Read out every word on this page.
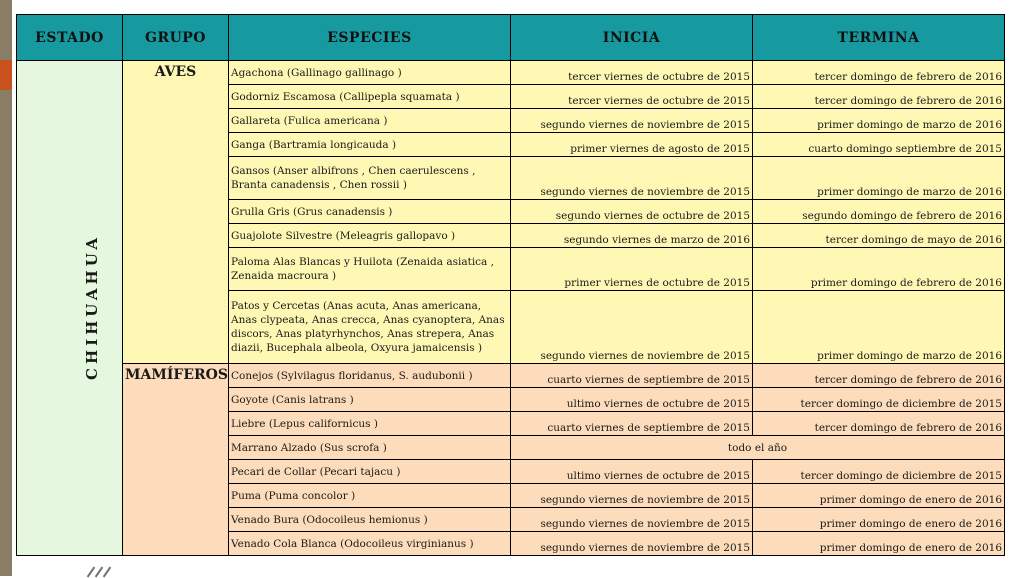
ESTADO	GRUPO	ESPECIES	INICIA	TERMINA
CHIHUAHUA	AVES	Agachona (Gallinago gallinago )	tercer viernes de octubre de 2015	tercer domingo de febrero de 2016
		Godorniz Escamosa (Callipepla squamata )	tercer viernes de octubre de 2015	tercer domingo de febrero de 2016
		Gallareta (Fulica americana )	segundo viernes de noviembre de 2015	primer domingo de marzo de 2016
		Ganga (Bartramia longicauda )	primer viernes de agosto de 2015	cuarto domingo septiembre de 2015
		Gansos (Anser albifrons , Chen caerulescens , Branta canadensis , Chen rossii )	segundo viernes de noviembre de 2015	primer domingo de marzo de 2016
		Grulla Gris (Grus canadensis )	segundo viernes de octubre de 2015	segundo domingo de febrero de 2016
		Guajolote Silvestre (Meleagris gallopavo )	segundo viernes de marzo de 2016	tercer domingo de mayo de 2016
		Paloma Alas Blancas y Huilota (Zenaida asiatica , Zenaida macroura )	primer viernes de octubre de 2015	primer domingo de febrero de 2016
		Patos y Cercetas (Anas acuta, Anas americana, Anas clypeata, Anas crecca, Anas cyanoptera, Anas discors, Anas platyrhynchos, Anas strepera, Anas diazii, Bucephala albeola, Oxyura jamaicensis )	segundo viernes de noviembre de 2015	primer domingo de marzo de 2016
	MAMÍFEROS	Conejos (Sylvilagus floridanus, S. audubonii )	cuarto viernes de septiembre de 2015	tercer domingo de febrero de 2016
		Goyote (Canis latrans )	ultimo viernes de octubre de 2015	tercer domingo de diciembre de 2015
		Liebre (Lepus californicus )	cuarto viernes de septiembre de 2015	tercer domingo de febrero de 2016
		Marrano Alzado (Sus scrofa )	todo el año	
		Pecari de Collar (Pecari tajacu )	ultimo viernes de octubre de 2015	tercer domingo de diciembre de 2015
		Puma (Puma concolor )	segundo viernes de noviembre de 2015	primer domingo de enero de 2016
		Venado Bura (Odocoileus hemionus )	segundo viernes de noviembre de 2015	primer domingo de enero de 2016
		Venado Cola Blanca (Odocoileus virginianus )	segundo viernes de noviembre de 2015	primer domingo de enero de 2016
